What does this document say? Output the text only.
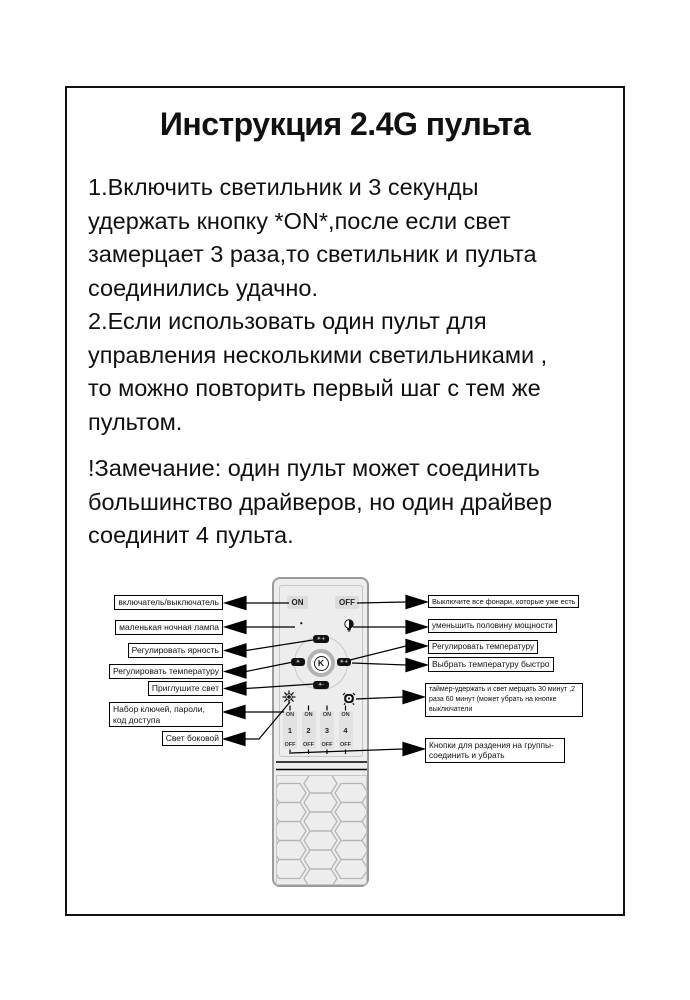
Инструкция 2.4G пульта
1.Включить светильник и 3 секунды
удержать кнопку *ON*,после если свет
замерцает 3 раза,то светильник и пульта
соединились удачно.
2.Если использовать один пульт для
управления несколькими светильниками ,
то можно повторить первый шаг с тем же
пультом.
!Замечание: один пульт может соединить
большинство драйверов, но один драйвер
соединит 4 пульта.
ON	OFF
K
☀+
☀-
☀	☀+
ON
1
OFF
ON
2
OFF
ON
3
OFF
ON
4
OFF
включатель/выключатель
маленькая ночная лампа
Регулировать ярность
Регулировать температуру
Приглушите свет
Набор ключей, пароли, код доступа
Свет боковой
Выключите все фонари, которые уже есть
уменьшить половину мощности
Регулировать температуру
Выбрать температуру быстро
таймер-удержать и свет мерцать 30 минут ,2 раза 60 минут (может убрать на кнопке выключатели
Кнопки для раздения на группы-соединить и убрать
